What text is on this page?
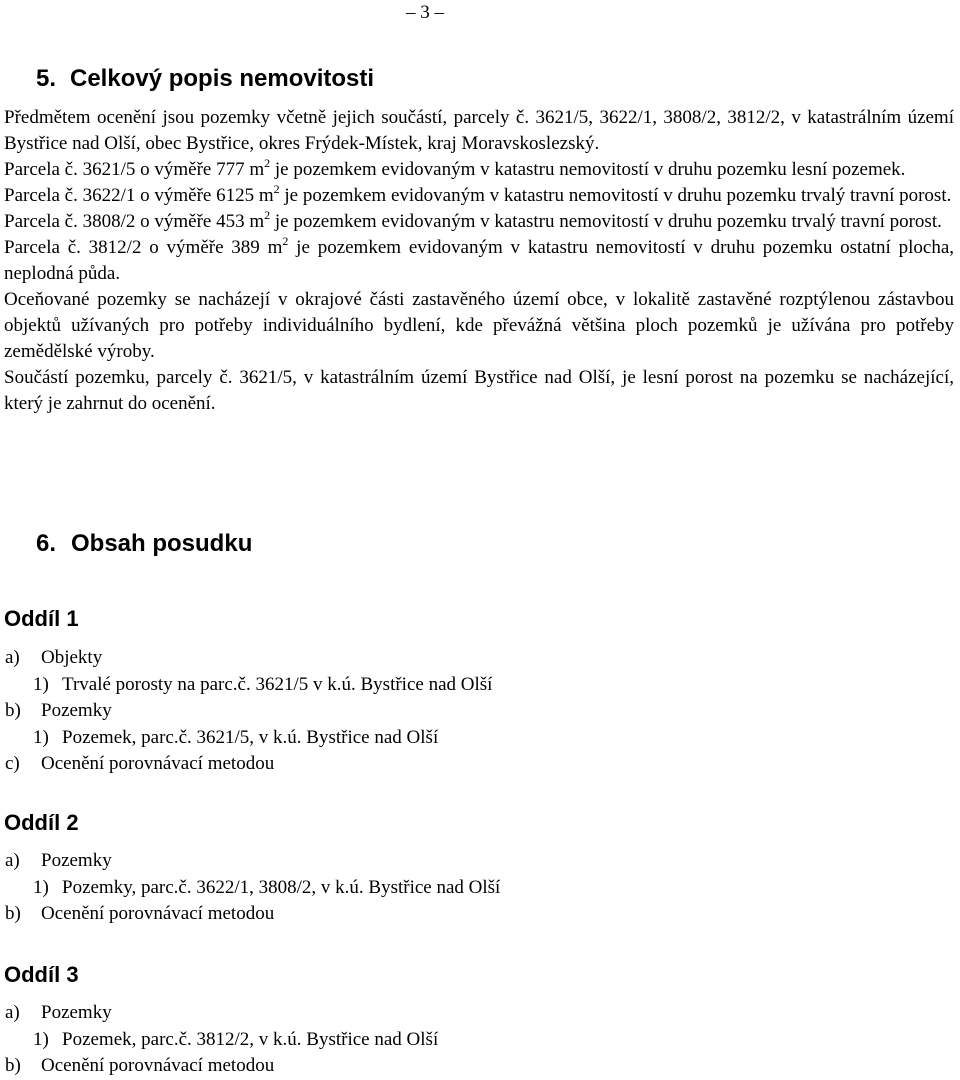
– 3 –
5. Celkový popis nemovitosti

Předmětem ocenění jsou pozemky včetně jejich součástí, parcely č. 3621/5, 3622/1, 3808/2, 3812/2, v katastrálním území Bystřice nad Olší, obec Bystřice, okres Frýdek-Místek, kraj Moravskoslezský.

Parcela č. 3621/5 o výměře 777 $m^2$ je pozemkem evidovaným v katastru nemovitostí v druhu pozemku lesní pozemek.

Parcela č. 3622/1 o výměře 6125 $m^2$ je pozemkem evidovaným v katastru nemovitostí v druhu pozemku trvalý travní porost.

Parcela č. 3808/2 o výměře 453 $m^2$ je pozemkem evidovaným v katastru nemovitostí v druhu pozemku trvalý travní porost.

Parcela č. 3812/2 o výměře 389 $m^2$ je pozemkem evidovaným v katastru nemovitostí v druhu pozemku ostatní plocha, neplodná půda.

Oceňované pozemky se nacházejí v okrajové části zastavěného území obce, v lokalitě zastavěné rozptýlenou zástavbou objektů užívaných pro potřeby individuálního bydlení, kde převážná většina ploch pozemků je užívána pro potřeby zemědělské výroby.

Součástí pozemku, parcely č. 3621/5, v katastrálním území Bystřice nad Olší, je lesní porost na pozemku se nacházející, který je zahrnut do ocenění.

6. Obsah posudku
Oddíl 1
a) Objekty
1) Trvalé porosty na parc.č. 3621/5 v k.ú. Bystřice nad Olší
b) Pozemky
1) Pozemek, parc.č. 3621/5, v k.ú. Bystřice nad Olší
c) Ocenění porovnávací metodou
Oddíl 2
a) Pozemky
1) Pozemky, parc.č. 3622/1, 3808/2, v k.ú. Bystřice nad Olší
b) Ocenění porovnávací metodou
Oddíl 3
a) Pozemky
1) Pozemek, parc.č. 3812/2, v k.ú. Bystřice nad Olší
b) Ocenění porovnávací metodou
